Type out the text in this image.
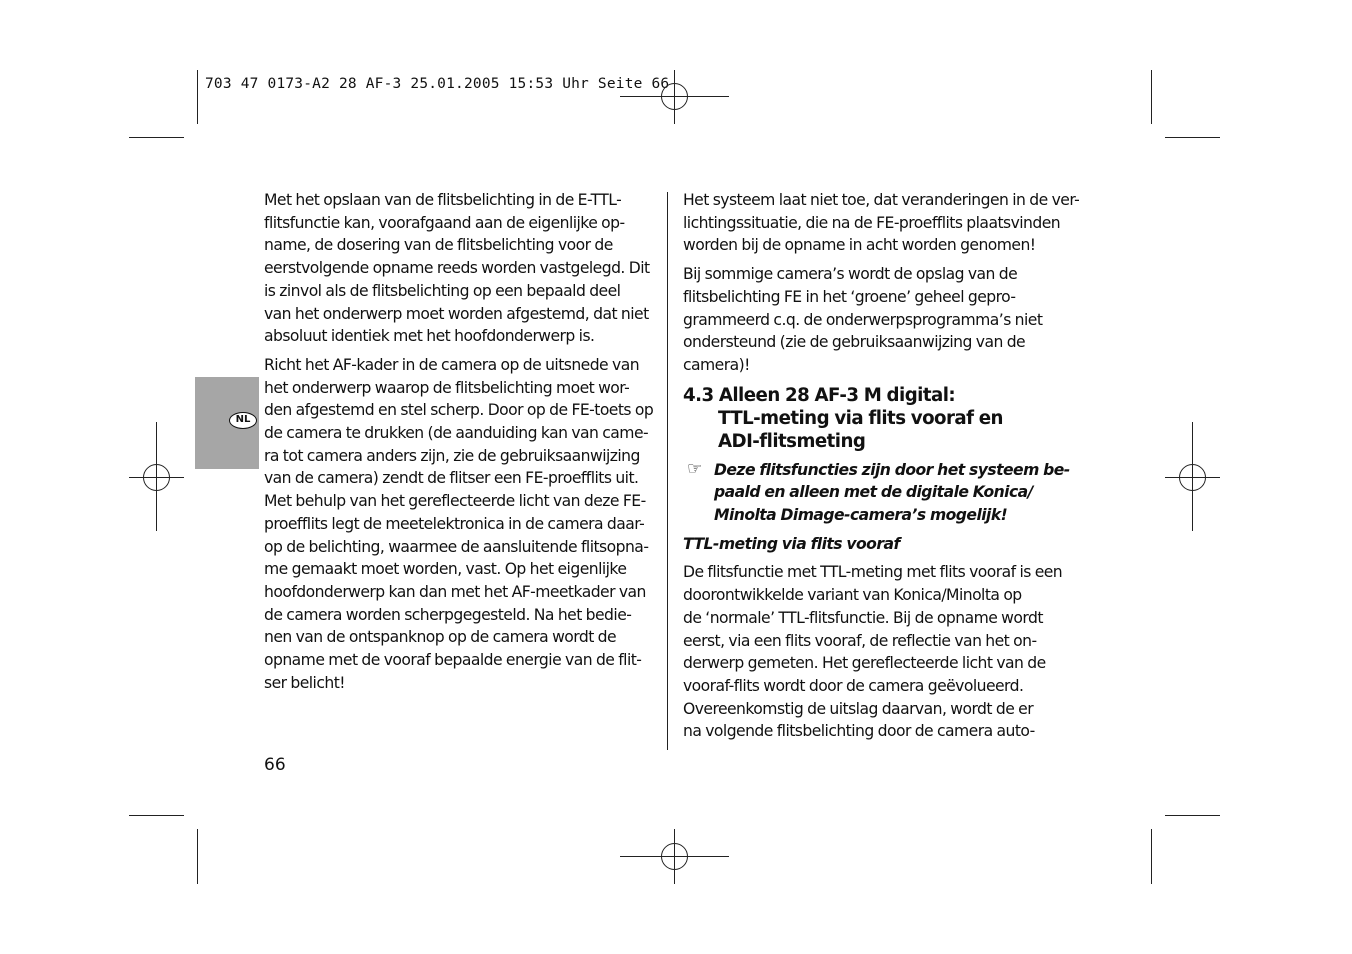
703 47 0173-A2 28 AF-3 25.01.2005 15:53 Uhr Seite 66
NL

Met het opslaan van de flitsbelichting in de E-TTL-
flitsfunctie kan, voorafgaand aan de eigenlijke op-
name, de dosering van de flitsbelichting voor de
eerstvolgende opname reeds worden vastgelegd. Dit
is zinvol als de flitsbelichting op een bepaald deel
van het onderwerp moet worden afgestemd, dat niet
absoluut identiek met het hoofdonderwerp is.

Richt het AF-kader in de camera op de uitsnede van
het onderwerp waarop de flitsbelichting moet wor-
den afgestemd en stel scherp. Door op de FE-toets op
de camera te drukken (de aanduiding kan van came-
ra tot camera anders zijn, zie de gebruiksaanwijzing
van de camera) zendt de flitser een FE-proefflits uit.
Met behulp van het gereflecteerde licht van deze FE-
proefflits legt de meetelektronica in de camera daar-
op de belichting, waarmee de aansluitende flitsopna-
me gemaakt moet worden, vast. Op het eigenlijke
hoofdonderwerp kan dan met het AF-meetkader van
de camera worden scherpgegesteld. Na het bedie-
nen van de ontspanknop op de camera wordt de
opname met de vooraf bepaalde energie van de flit-
ser belicht!

Het systeem laat niet toe, dat veranderingen in de ver-
lichtingssituatie, die na de FE-proefflits plaatsvinden
worden bij de opname in acht worden genomen!

Bij sommige camera’s wordt de opslag van de
flitsbelichting FE in het ‘groene’ geheel gepro-
grammeerd c.q. de onderwerpsprogramma’s niet
ondersteund (zie de gebruiksaanwijzing van de
camera)!

4.3 Alleen 28 AF-3 M digital:
TTL-meting via flits vooraf en
ADI-flitsmeting

☞ Deze flitsfuncties zijn door het systeem be-
paald en alleen met de digitale Konica/
Minolta Dimage-camera’s mogelijk!

TTL-meting via flits vooraf

De flitsfunctie met TTL-meting met flits vooraf is een
doorontwikkelde variant van Konica/Minolta op
de ‘normale’ TTL-flitsfunctie. Bij de opname wordt
eerst, via een flits vooraf, de reflectie van het on-
derwerp gemeten. Het gereflecteerde licht van de
vooraf-flits wordt door de camera geëvolueerd.
Overeenkomstig de uitslag daarvan, wordt de er
na volgende flitsbelichting door de camera auto-

66
